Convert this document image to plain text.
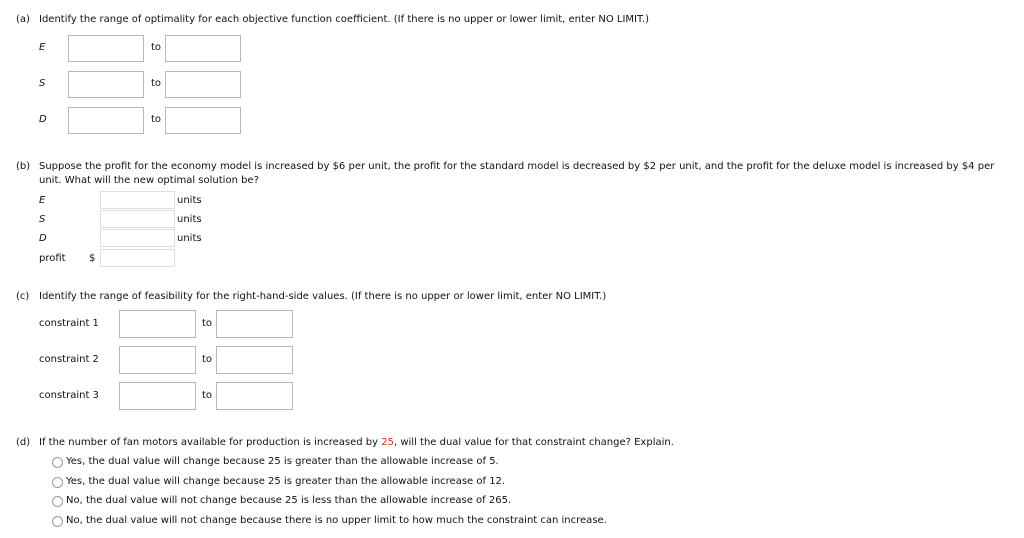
(a) Identify the range of optimality for each objective function coefficient. (If there is no upper or lower limit, enter NO LIMIT.)
E	to
S	to
D	to
(b) Suppose the profit for the economy model is increased by $6 per unit, the profit for the standard model is decreased by $2 per unit, and the profit for the deluxe model is increased by $4 per
unit. What will the new optimal solution be?
E	units
S	units
D	units
profit $
(c) Identify the range of feasibility for the right-hand-side values. (If there is no upper or lower limit, enter NO LIMIT.)
constraint 1	to
constraint 2	to
constraint 3	to
(d) If the number of fan motors available for production is increased by 25, will the dual value for that constraint change? Explain.
Yes, the dual value will change because 25 is greater than the allowable increase of 5.
Yes, the dual value will change because 25 is greater than the allowable increase of 12.
No, the dual value will not change because 25 is less than the allowable increase of 265.
No, the dual value will not change because there is no upper limit to how much the constraint can increase.
